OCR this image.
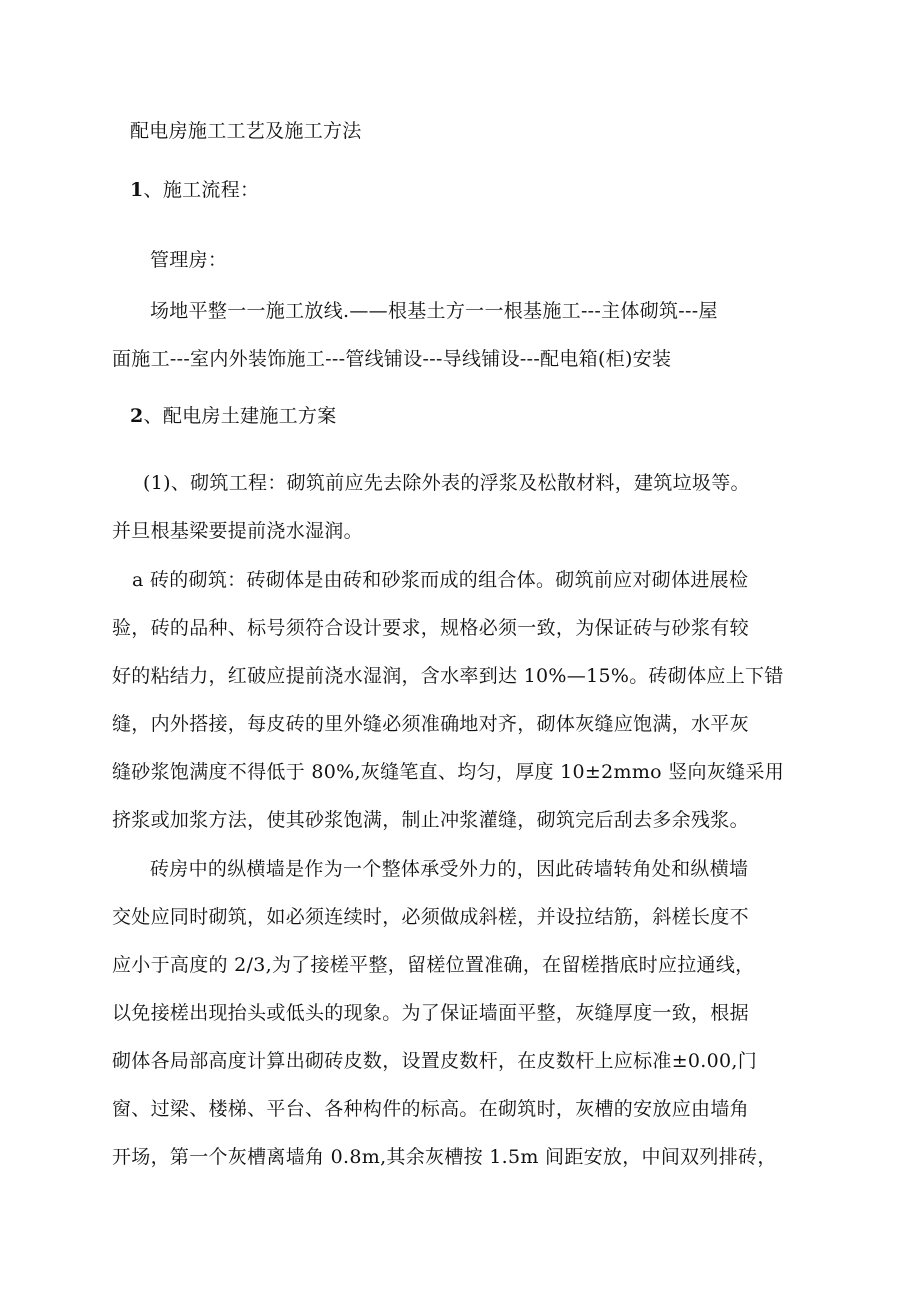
配电房施工工艺及施工方法
1、施工流程：
管理房：
场地平整一一施工放线.——根基土方一一根基施工---主体砌筑---屋
面施工---室内外装饰施工---管线铺设---导线铺设---配电箱(柜)安装
2、配电房土建施工方案
(1)、砌筑工程：砌筑前应先去除外表的浮浆及松散材料，建筑垃圾等。
并旦根基梁要提前浇水湿润。
a 砖的砌筑：砖砌体是由砖和砂浆而成的组合体。砌筑前应对砌体进展检
验，砖的品种、标号须符合设计要求，规格必须一致，为保证砖与砂浆有较
好的粘结力，红破应提前浇水湿润，含水率到达 10%—15%。砖砌体应上下错
缝，内外搭接，每皮砖的里外缝必须准确地对齐，砌体灰缝应饱满，水平灰
缝砂浆饱满度不得低于 80%,灰缝笔直、均匀，厚度 10±2mmo 竖向灰缝采用
挤浆或加浆方法，使其砂浆饱满，制止冲浆灌缝，砌筑完后刮去多余残浆。
砖房中的纵横墙是作为一个整体承受外力的，因此砖墙转角处和纵横墙
交处应同时砌筑，如必须连续时，必须做成斜槎，并设拉结筋，斜槎长度不
应小于高度的 2/3,为了接槎平整，留槎位置准确，在留槎揩底时应拉通线，
以免接槎出现抬头或低头的现象。为了保证墙面平整，灰缝厚度一致，根据
砌体各局部高度计算出砌砖皮数，设置皮数杆，在皮数杆上应标准±0.00,门
窗、过梁、楼梯、平台、各种构件的标高。在砌筑时，灰槽的安放应由墙角
开场，第一个灰槽离墙角 0.8m,其余灰槽按 1.5m 间距安放，中间双列排砖，
